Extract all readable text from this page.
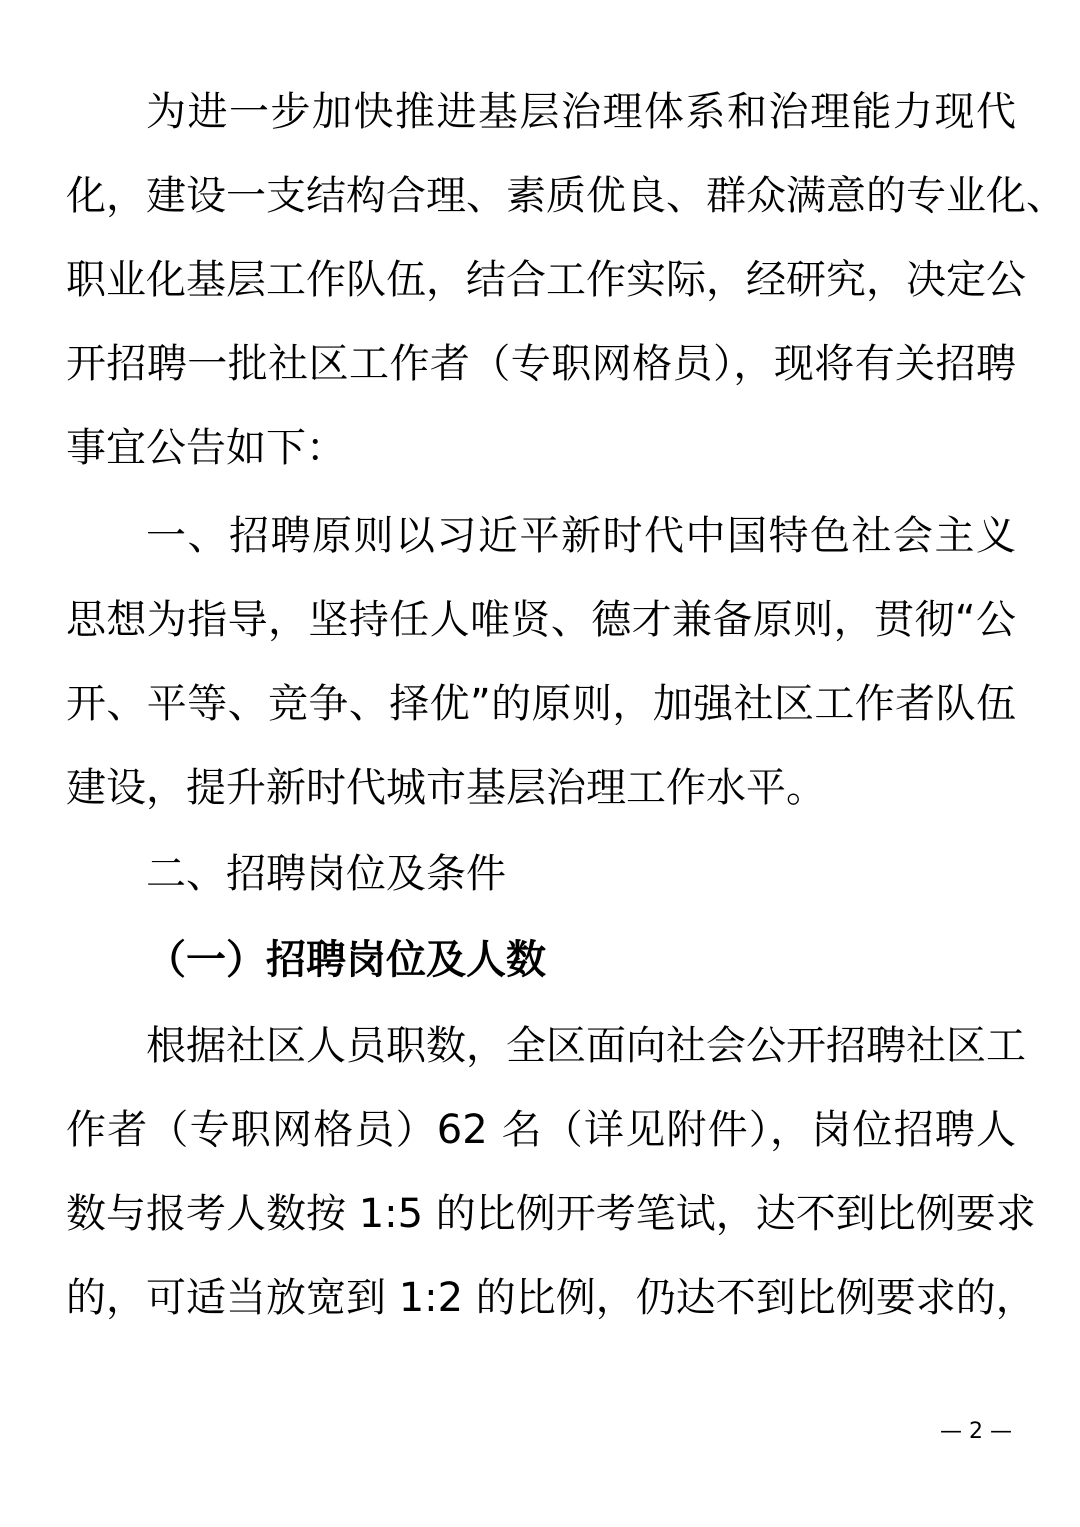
为进一步加快推进基层治理体系和治理能力现代
化，建设一支结构合理、素质优良、群众满意的专业化、
职业化基层工作队伍，结合工作实际，经研究，决定公
开招聘一批社区工作者（专职网格员），现将有关招聘
事宜公告如下：
一、招聘原则以习近平新时代中国特色社会主义
思想为指导，坚持任人唯贤、德才兼备原则，贯彻“公
开、平等、竞争、择优”的原则，加强社区工作者队伍
建设，提升新时代城市基层治理工作水平。
二、招聘岗位及条件
（一）招聘岗位及人数
根据社区人员职数，全区面向社会公开招聘社区工
作者（专职网格员）62 名（详见附件），岗位招聘人
数与报考人数按 1:5 的比例开考笔试，达不到比例要求
的，可适当放宽到 1:2 的比例，仍达不到比例要求的，
— 2 —
